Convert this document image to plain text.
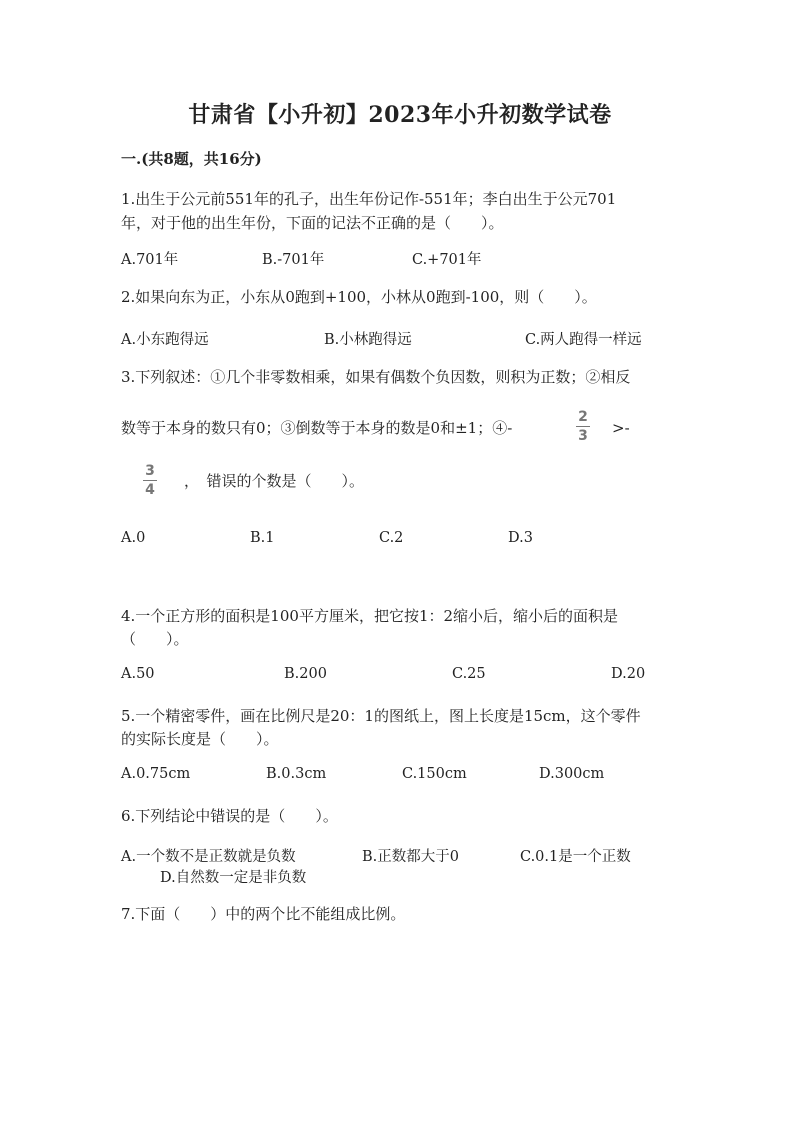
甘肃省【小升初】2023年小升初数学试卷
一.(共8题，共16分)
1.出生于公元前551年的孔子，出生年份记作-551年；李白出生于公元701
年，对于他的出生年份，下面的记法不正确的是（　　）。
A.701年	B.-701年	C.+701年
2.如果向东为正，小东从0跑到+100，小林从0跑到-100，则（　　）。
A.小东跑得远	B.小林跑得远	C.两人跑得一样远
3.下列叙述：①几个非零数相乘，如果有偶数个负因数，则积为正数；②相反
数等于本身的数只有0；③倒数等于本身的数是0和±1；④-
2
3 >-
3
4 ，　错误的个数是（　　）。
A.0	B.1	C.2	D.3
4.一个正方形的面积是100平方厘米，把它按1：2缩小后，缩小后的面积是
（　　）。
A.50	B.200	C.25	D.20
5.一个精密零件，画在比例尺是20：1的图纸上，图上长度是15cm，这个零件
的实际长度是（　　）。
A.0.75cm	B.0.3cm	C.150cm	D.300cm
6.下列结论中错误的是（　　）。
A.一个数不是正数就是负数	B.正数都大于0	C.0.1是一个正数
D.自然数一定是非负数
7.下面（　　）中的两个比不能组成比例。
